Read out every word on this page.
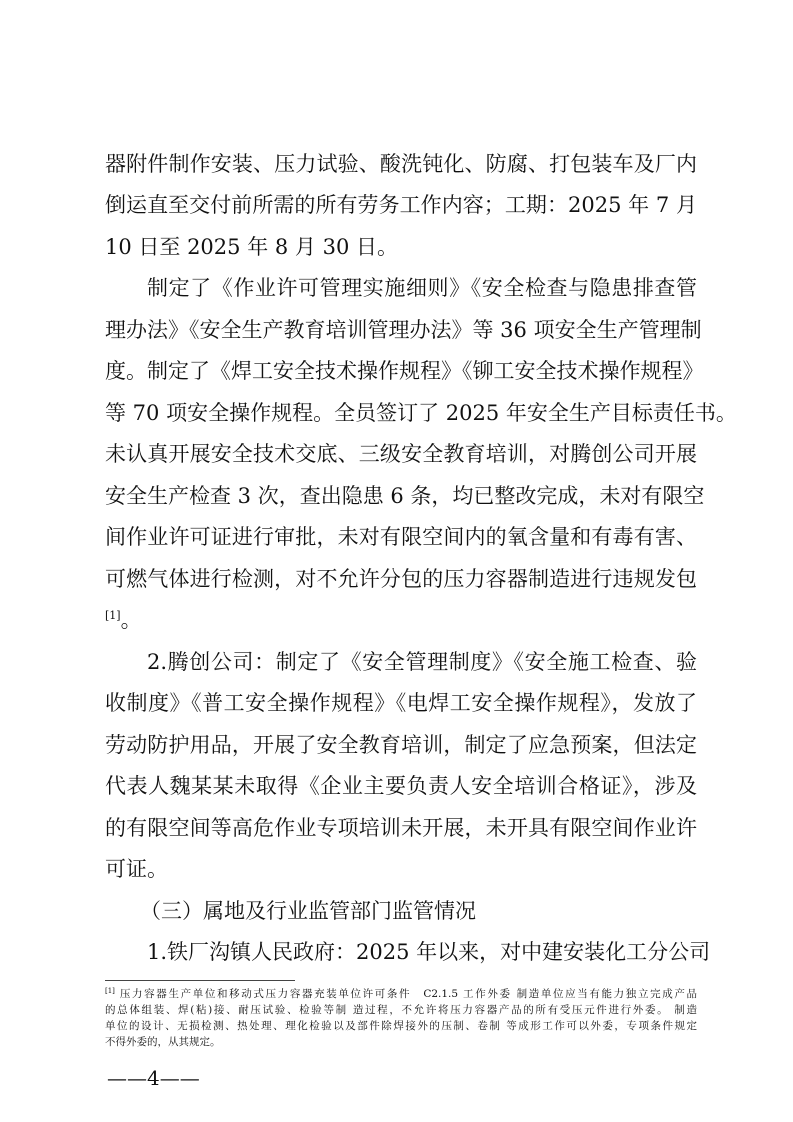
器附件制作安装、压力试验、酸洗钝化、防腐、打包装车及厂内
倒运直至交付前所需的所有劳务工作内容；工期：2025 年 7 月
10 日至 2025 年 8 月 30 日。
制定了《作业许可管理实施细则》《安全检查与隐患排查管
理办法》《安全生产教育培训管理办法》等 36 项安全生产管理制
度。制定了《焊工安全技术操作规程》《铆工安全技术操作规程》
等 70 项安全操作规程。全员签订了 2025 年安全生产目标责任书。
未认真开展安全技术交底、三级安全教育培训，对腾创公司开展
安全生产检查 3 次，查出隐患 6 条，均已整改完成，未对有限空
间作业许可证进行审批，未对有限空间内的氧含量和有毒有害、
可燃气体进行检测，对不允许分包的压力容器制造进行违规发包
[1]。
2.腾创公司：制定了《安全管理制度》《安全施工检查、验
收制度》《普工安全操作规程》《电焊工安全操作规程》，发放了
劳动防护用品，开展了安全教育培训，制定了应急预案，但法定
代表人魏某某未取得《企业主要负责人安全培训合格证》，涉及
的有限空间等高危作业专项培训未开展，未开具有限空间作业许
可证。
（三）属地及行业监管部门监管情况
1.铁厂沟镇人民政府：2025 年以来，对中建安装化工分公司
[1] 压力容器生产单位和移动式压力容器充装单位许可条件　C2.1.5 工作外委 制造单位应当有能力独立完成产品
的总体组装、焊(粘)接、耐压试验、检验等制 造过程，不允许将压力容器产品的所有受压元件进行外委。 制造
单位的设计、无损检测、热处理、理化检验以及部件除焊接外的压制、卷制 等成形工作可以外委，专项条件规定
不得外委的，从其规定。
——4——
